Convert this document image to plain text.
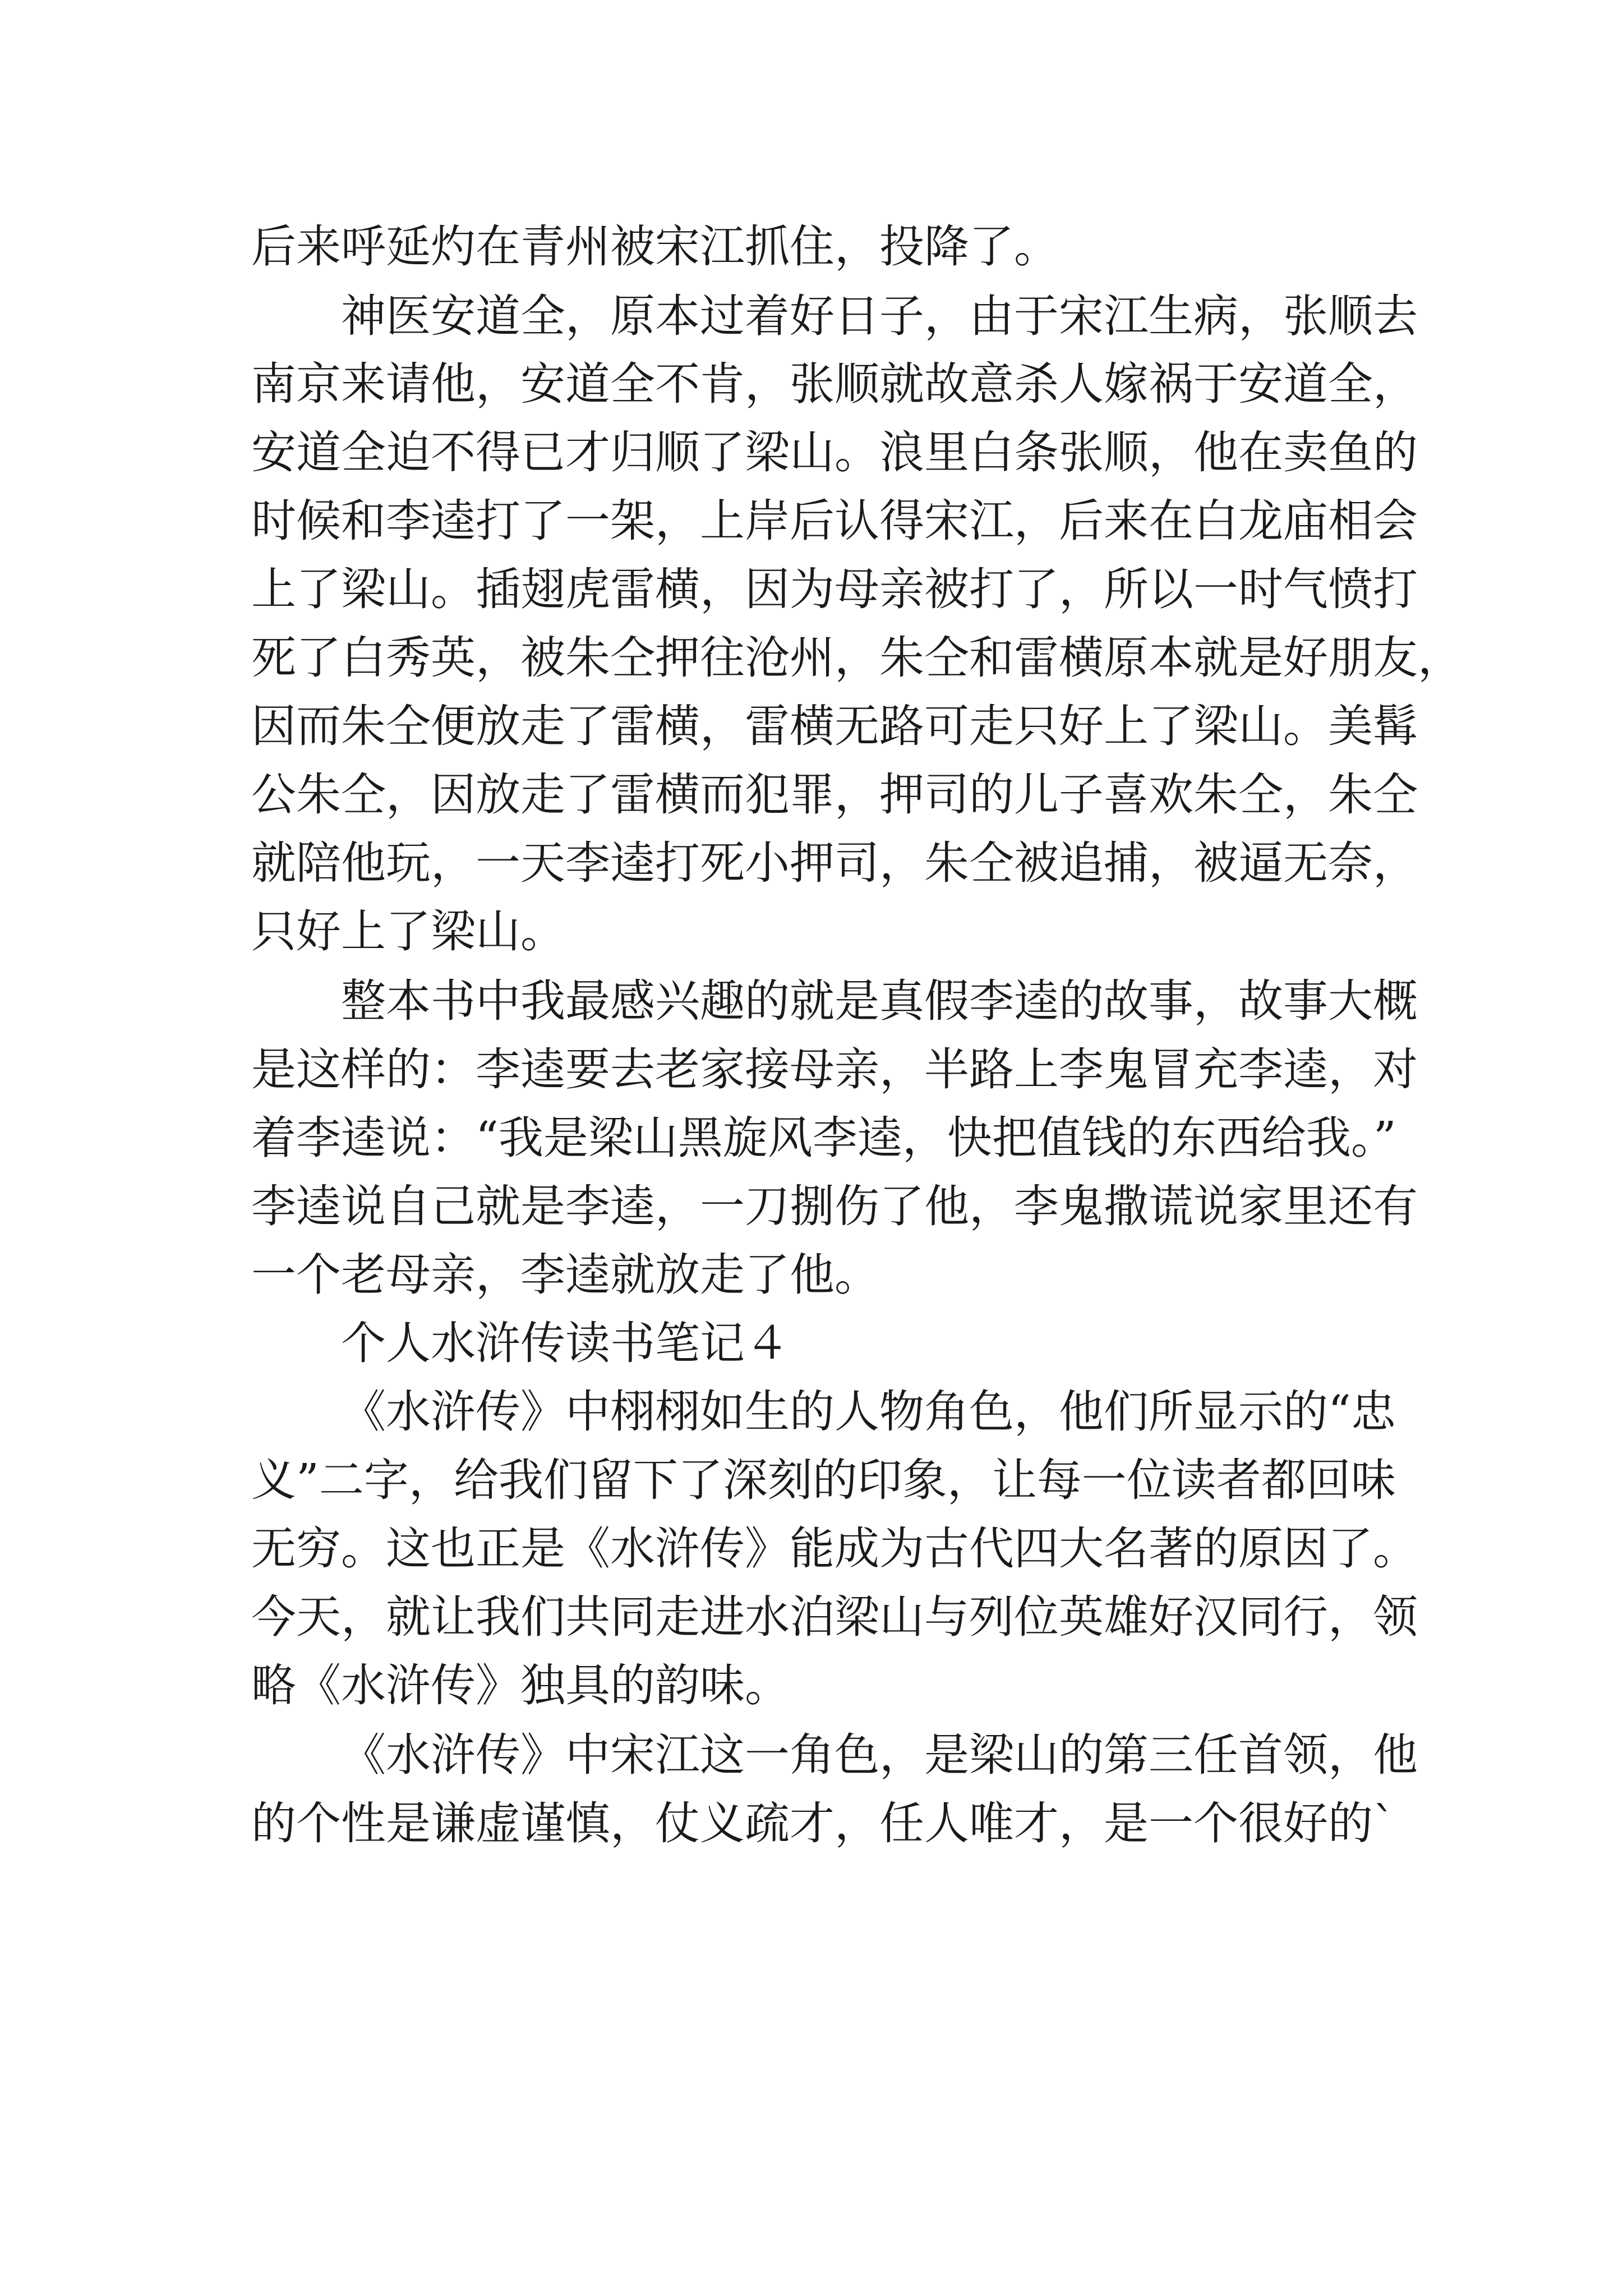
后来呼延灼在青州被宋江抓住，投降了。
神医安道全，原本过着好日子，由于宋江生病，张顺去
南京来请他，安道全不肯，张顺就故意杀人嫁祸于安道全，
安道全迫不得已才归顺了梁山。浪里白条张顺，他在卖鱼的
时候和李逵打了一架，上岸后认得宋江，后来在白龙庙相会
上了梁山。插翅虎雷横，因为母亲被打了，所以一时气愤打
死了白秀英，被朱仝押往沧州，朱仝和雷横原本就是好朋友，
因而朱仝便放走了雷横，雷横无路可走只好上了梁山。美髯
公朱仝，因放走了雷横而犯罪，押司的儿子喜欢朱仝，朱仝
就陪他玩，一天李逵打死小押司，朱仝被追捕，被逼无奈，
只好上了梁山。
整本书中我最感兴趣的就是真假李逵的故事，故事大概
是这样的：李逵要去老家接母亲，半路上李鬼冒充李逵，对
着李逵说：“我是梁山黑旋风李逵，快把值钱的东西给我。”
李逵说自己就是李逵，一刀捌伤了他，李鬼撒谎说家里还有
一个老母亲，李逵就放走了他。
个人水浒传读书笔记４
《水浒传》中栩栩如生的人物角色，他们所显示的“忠
义”二字，给我们留下了深刻的印象，让每一位读者都回味
无穷。这也正是《水浒传》能成为古代四大名著的原因了。
今天，就让我们共同走进水泊梁山与列位英雄好汉同行，领
略《水浒传》独具的韵味。
《水浒传》中宋江这一角色，是梁山的第三任首领，他
的个性是谦虚谨慎，仗义疏才，任人唯才，是一个很好的`
